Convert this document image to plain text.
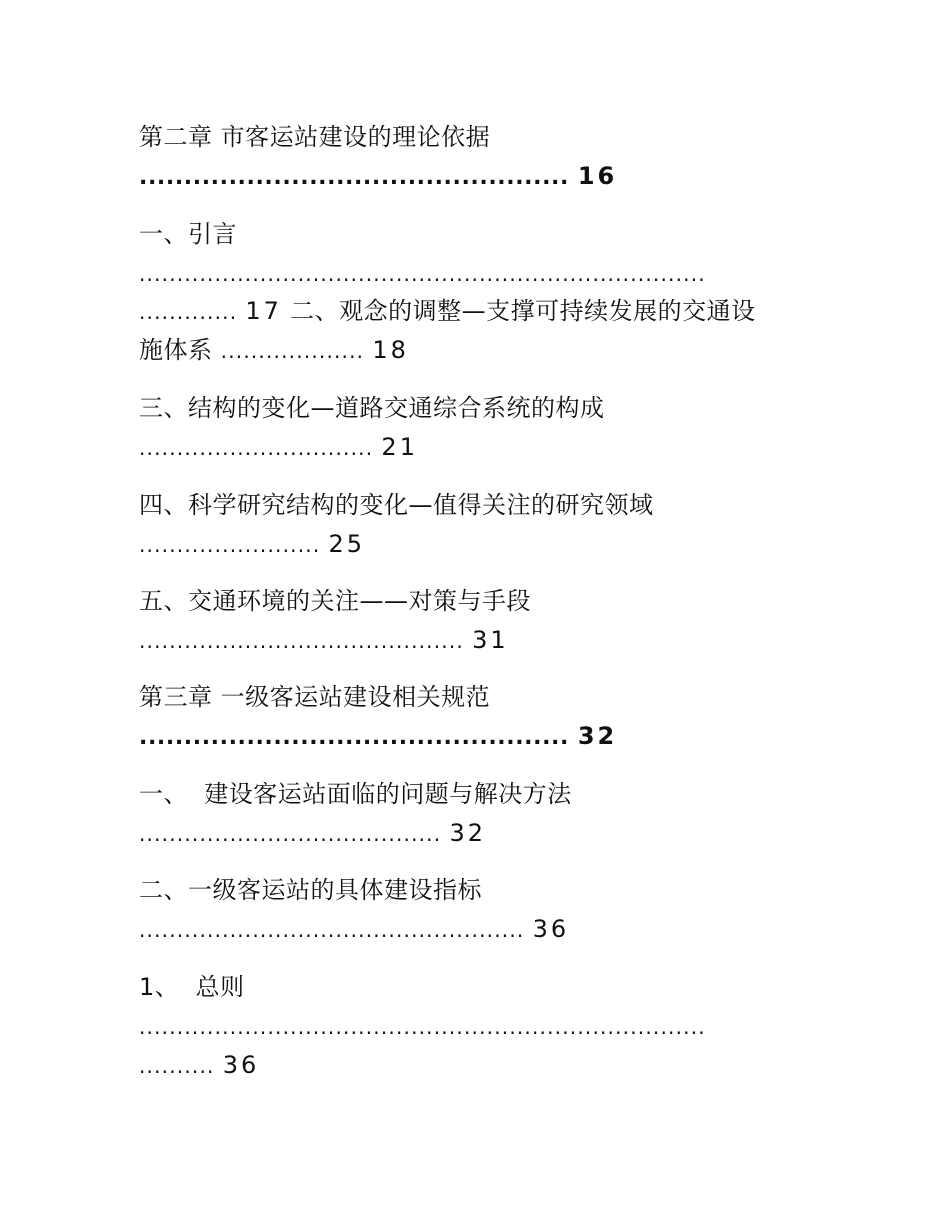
第二章 市客运站建设的理论依据
................................................ 16
一、引言
...........................................................................
............. 17 二、观念的调整—支撑可持续发展的交通设
施体系 ................... 18
三、结构的变化—道路交通综合系统的构成
............................... 21
四、科学研究结构的变化—值得关注的研究领域
........................ 25
五、交通环境的关注——对策与手段
........................................... 31
第三章 一级客运站建设相关规范
................................................ 32
一、  建设客运站面临的问题与解决方法
........................................ 32
二、一级客运站的具体建设指标
................................................... 36
1、  总则
...........................................................................
.......... 36
